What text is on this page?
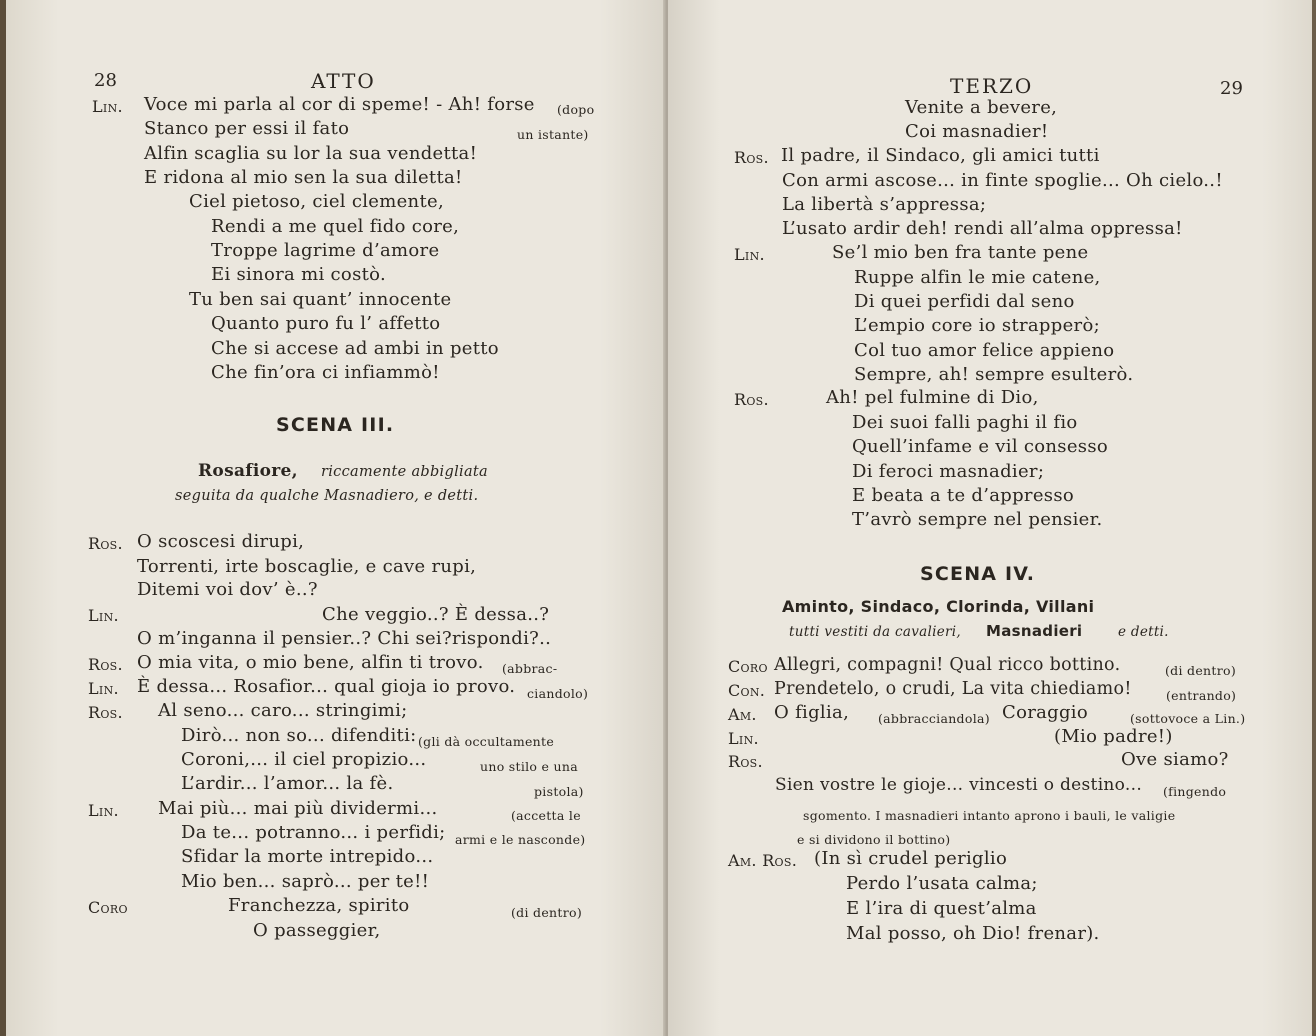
28	ATTO
Lin. Voce mi parla al cor di speme! - Ah! forse (dopo
Stanco per essi il fato	un istante)
Alfin scaglia su lor la sua vendetta!
E ridona al mio sen la sua diletta!
Ciel pietoso, ciel clemente,
Rendi a me quel fido core,
Troppe lagrime d’amore
Ei sinora mi costò.
Tu ben sai quant’ innocente
Quanto puro fu l’ affetto
Che si accese ad ambi in petto
Che fin’ora ci infiammò!
SCENA III.
Rosafiore, riccamente abbigliata
seguita da qualche Masnadiero, e detti.
Ros. O scoscesi dirupi,
Torrenti, irte boscaglie, e cave rupi,
Ditemi voi dov’ è..?
Lin.	Che veggio..? È dessa..?
O m’inganna il pensier..? Chi sei?rispondi?..
Ros. O mia vita, o mio bene, alfin ti trovo. (abbrac-
Lin. È dessa... Rosafior... qual gioja io provo. ciandolo)
Ros. Al seno... caro... stringimi;
Dirò... non so... difenditi: (gli dà occultamente
Coroni,... il ciel propizio...	uno stilo e una
L’ardir... l’amor... la fè.	pistola)
Lin. Mai più... mai più dividermi...	(accetta le
Da te... potranno... i perfidi; armi e le nasconde)
Sfidar la morte intrepido...
Mio ben... saprò... per te!!
Coro	Franchezza, spirito	(di dentro)
O passeggier,
TERZO	29
Venite a bevere,
Coi masnadier!
Ros. Il padre, il Sindaco, gli amici tutti
Con armi ascose... in finte spoglie... Oh cielo..!
La libertà s’appressa;
L’usato ardir deh! rendi all’alma oppressa!
Lin.	Se’l mio ben fra tante pene
Ruppe alfin le mie catene,
Di quei perfidi dal seno
L’empio core io strapperò;
Col tuo amor felice appieno
Sempre, ah! sempre esulterò.
Ros.	Ah! pel fulmine di Dio,
Dei suoi falli paghi il fio
Quell’infame e vil consesso
Di feroci masnadier;
E beata a te d’appresso
T’avrò sempre nel pensier.
SCENA IV.
Aminto, Sindaco, Clorinda, Villani
tutti vestiti da cavalieri, Masnadieri	e detti.
Coro Allegri, compagni! Qual ricco bottino.	(di dentro)
Con. Prendetelo, o crudi, La vita chiediamo!	(entrando)
Am. O figlia, (abbracciandola) Coraggio	(sottovoce a Lin.)
Lin.	(Mio padre!)
Ros.	Ove siamo?
Sien vostre le gioje... vincesti o destino... (fingendo
sgomento. I masnadieri intanto aprono i bauli, le valigie
e si dividono il bottino)
Am. Ros. (In sì crudel periglio
Perdo l’usata calma;
E l’ira di quest’alma
Mal posso, oh Dio! frenar).
